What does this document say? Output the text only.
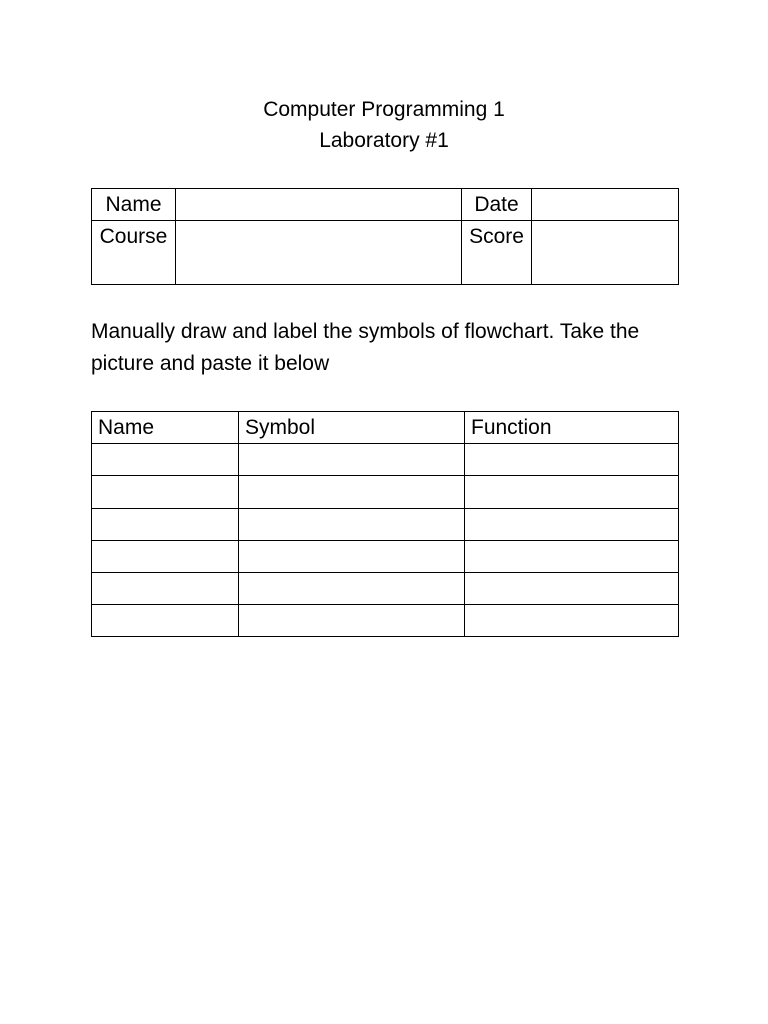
Computer Programming 1
Laboratory #1
Name		Date	
Course		Score	
Manually draw and label the symbols of flowchart. Take the picture and paste it below
Name	Symbol	Function
